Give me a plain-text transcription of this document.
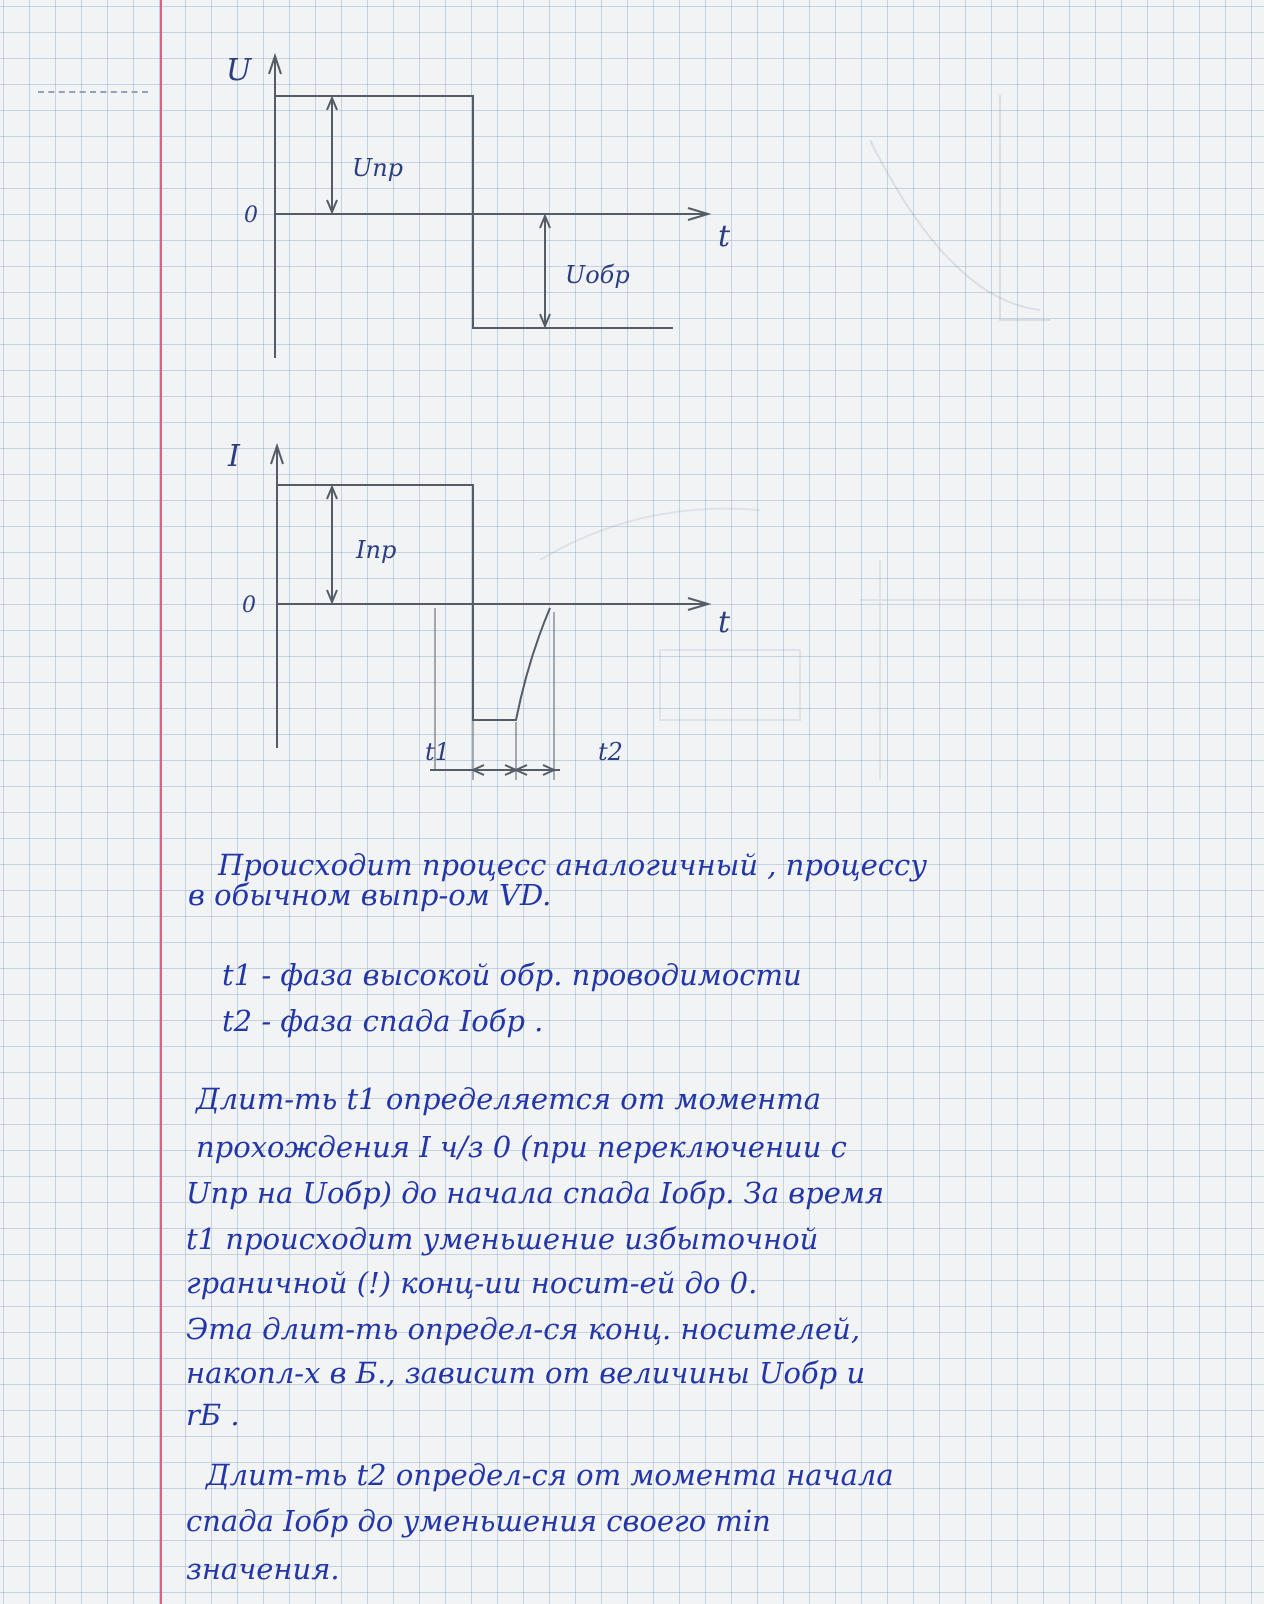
U
t
0
Uпр
Uобр
I
t
0
Iпр
t1	t2
Происходит процесс аналогичный , процессу
в обычном выпр-ом VD.
t1 - фаза высокой обр. проводимости
t2 - фаза спада Iобр .
Длит-ть t1 определяется от момента
прохождения I ч/з 0 (при переключении с
Uпр на Uобр) до начала спада Iобр. За время
t1 происходит уменьшение избыточной
граничной (!) конц-ии носит-ей до 0.
Эта длит-ть определ-ся конц. носителей,
накопл-х в Б., зависит от величины Uобр и
rБ .
Длит-ть t2 определ-ся от момента начала
спада Iобр до уменьшения своего min
значения.
